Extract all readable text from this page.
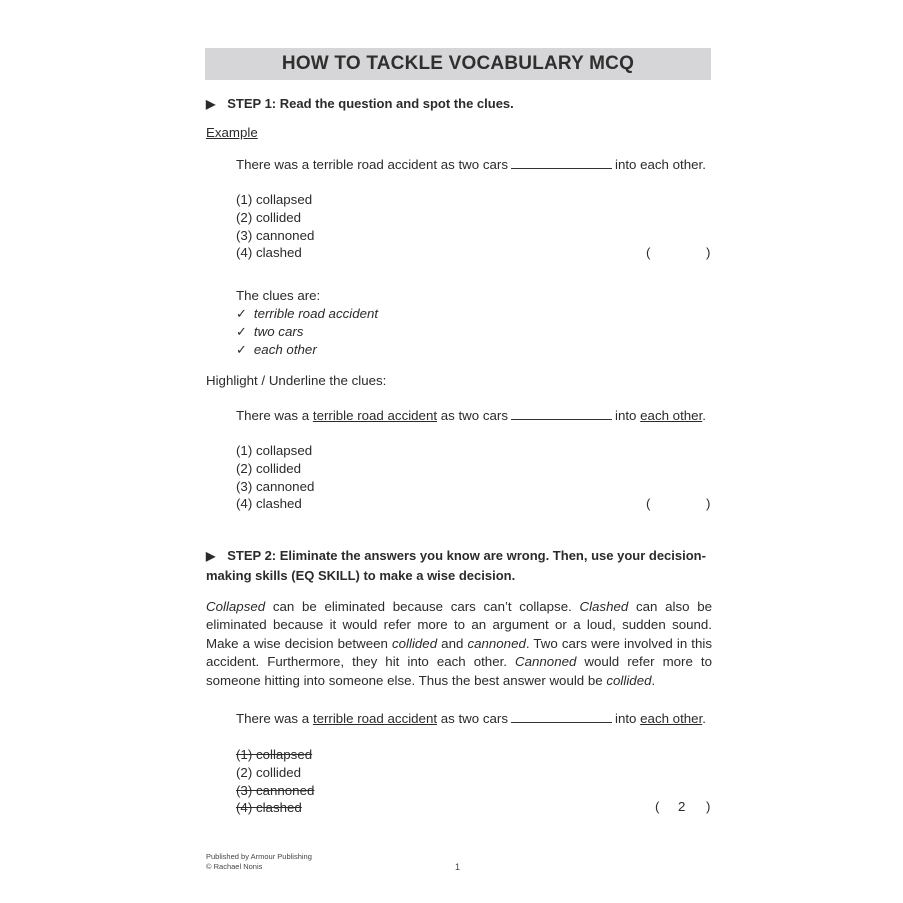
HOW TO TACKLE VOCABULARY MCQ
▶ STEP 1: Read the question and spot the clues.
Example
There was a terrible road accident as two cars	into each other.
(1) collapsed
(2) collided
(3) cannoned
(4) clashed	(	)
The clues are:
✓ terrible road accident
✓ two cars
✓ each other
Highlight / Underline the clues:
There was a terrible road accident as two cars	into each other.
(1) collapsed
(2) collided
(3) cannoned
(4) clashed	(	)
▶ STEP 2: Eliminate the answers you know are wrong. Then, use your decision-
making skills (EQ SKILL) to make a wise decision.
Collapsed can be eliminated because cars can’t collapse. Clashed can also be eliminated because it would refer more to an argument or a loud, sudden sound. Make a wise decision between collided and cannoned. Two cars were involved in this accident. Furthermore, they hit into each other. Cannoned would refer more to someone hitting into someone else. Thus the best answer would be collided.
There was a terrible road accident as two cars	into each other.
(1) collapsed
(2) collided
(3) cannoned
(4) clashed	( 2 )
Published by Armour Publishing
© Rachael Nonis	1
